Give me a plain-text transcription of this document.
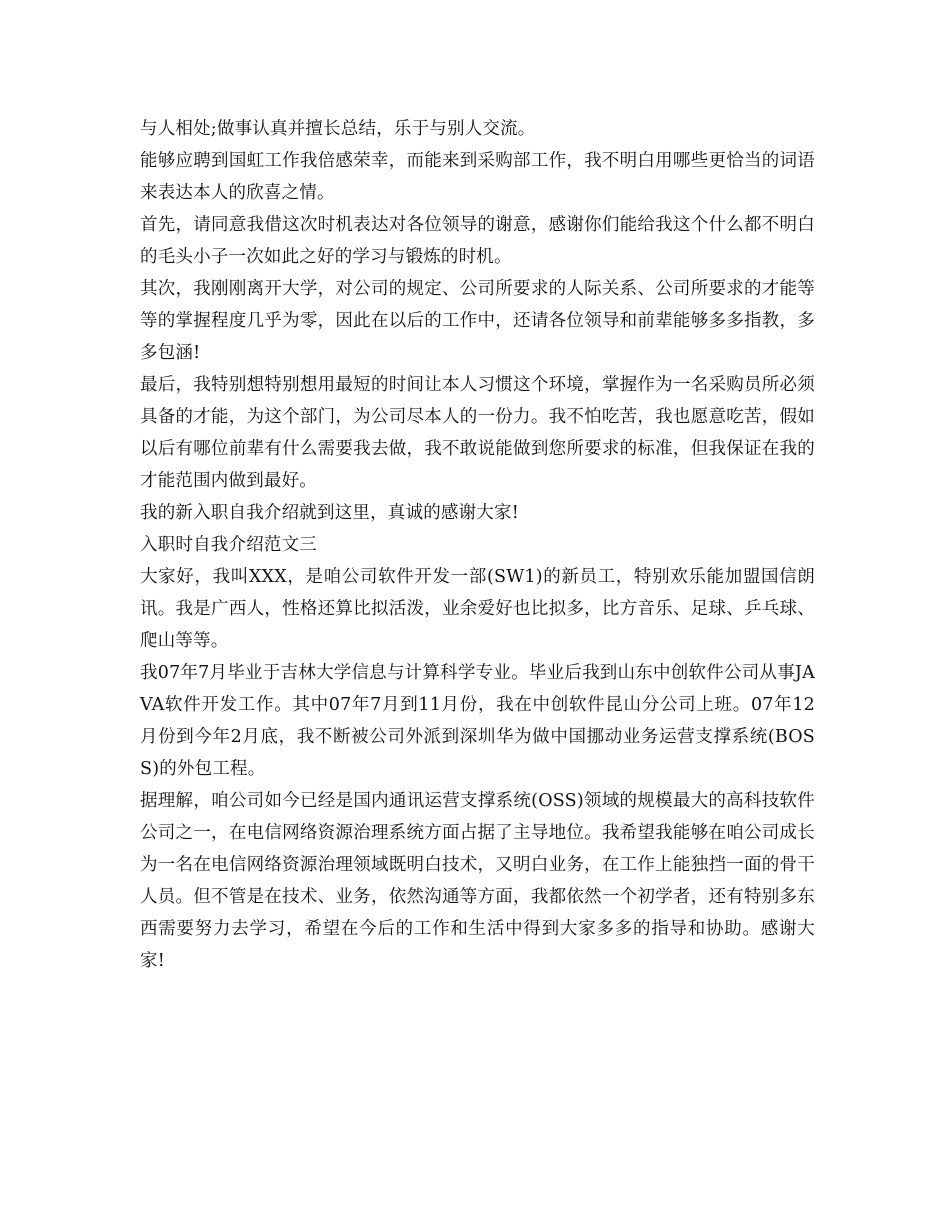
与人相处;做事认真并擅长总结，乐于与别人交流。

能够应聘到国虹工作我倍感荣幸，而能来到采购部工作，我不明白用哪些更恰当的词语来表达本人的欣喜之情。

首先，请同意我借这次时机表达对各位领导的谢意，感谢你们能给我这个什么都不明白的毛头小子一次如此之好的学习与锻炼的时机。

其次，我刚刚离开大学，对公司的规定、公司所要求的人际关系、公司所要求的才能等等的掌握程度几乎为零，因此在以后的工作中，还请各位领导和前辈能够多多指教，多多包涵!

最后，我特别想特别想用最短的时间让本人习惯这个环境，掌握作为一名采购员所必须具备的才能，为这个部门，为公司尽本人的一份力。我不怕吃苦，我也愿意吃苦，假如以后有哪位前辈有什么需要我去做，我不敢说能做到您所要求的标准，但我保证在我的才能范围内做到最好。

我的新入职自我介绍就到这里，真诚的感谢大家!

入职时自我介绍范文三

大家好，我叫XXX，是咱公司软件开发一部(SW1)的新员工，特别欢乐能加盟国信朗讯。我是广西人，性格还算比拟活泼，业余爱好也比拟多，比方音乐、足球、乒乓球、爬山等等。

我07年7月毕业于吉林大学信息与计算科学专业。毕业后我到山东中创软件公司从事JAVA软件开发工作。其中07年7月到11月份，我在中创软件昆山分公司上班。07年12月份到今年2月底，我不断被公司外派到深圳华为做中国挪动业务运营支撑系统(BOSS)的外包工程。

据理解，咱公司如今已经是国内通讯运营支撑系统(OSS)领域的规模最大的高科技软件公司之一，在电信网络资源治理系统方面占据了主导地位。我希望我能够在咱公司成长为一名在电信网络资源治理领域既明白技术，又明白业务，在工作上能独挡一面的骨干人员。但不管是在技术、业务，依然沟通等方面，我都依然一个初学者，还有特别多东西需要努力去学习，希望在今后的工作和生活中得到大家多多的指导和协助。感谢大家!
